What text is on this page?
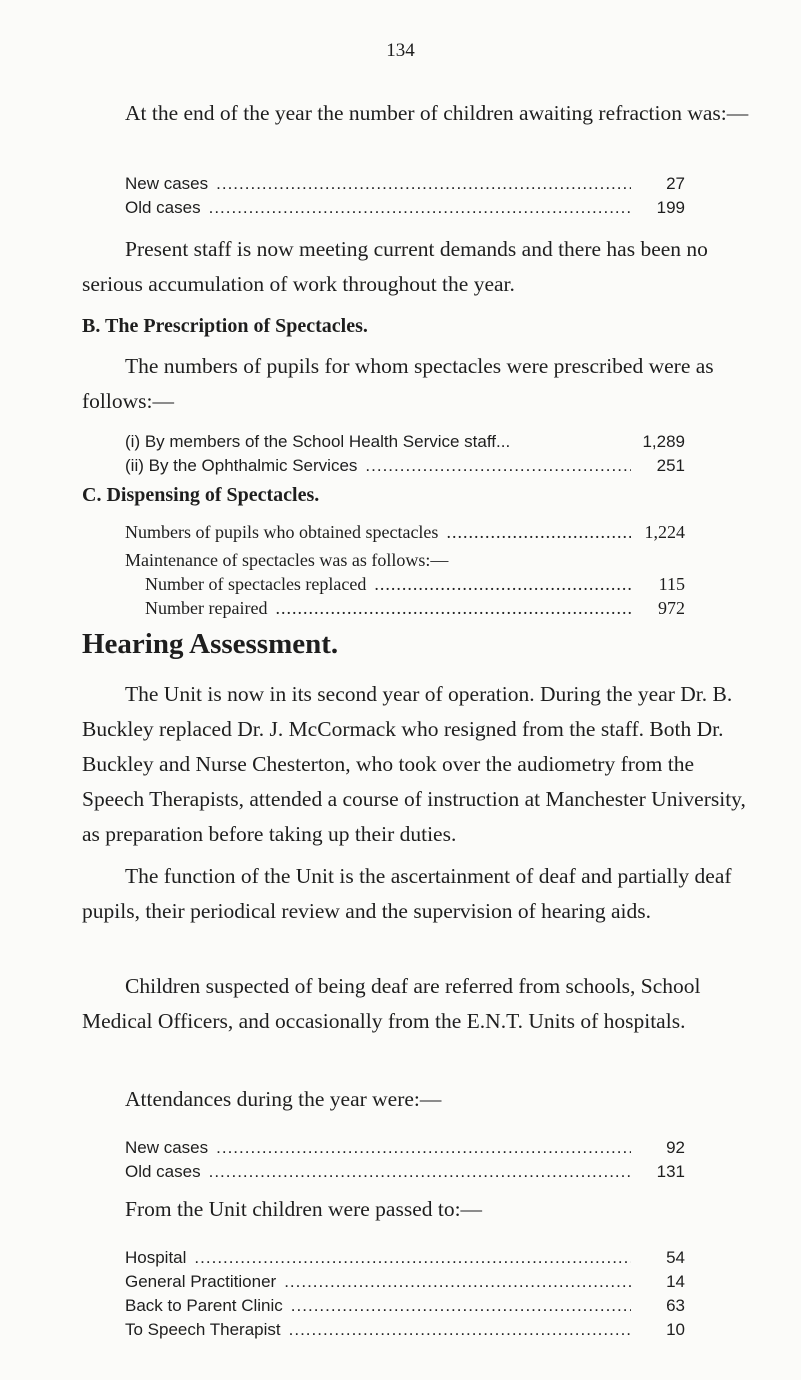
134

At the end of the year the number of children awaiting refraction was:—

New cases .....	27
Old cases .....	199

Present staff is now meeting current demands and there has been no serious accumulation of work throughout the year.

B. The Prescription of Spectacles.

The numbers of pupils for whom spectacles were prescribed were as follows:—

(i) By members of the School Health Service staff...	1,289
(ii) By the Ophthalmic Services .....	251
C. Dispensing of Spectacles.
Numbers of pupils who obtained spectacles .....	1,224
Maintenance of spectacles was as follows:—
Number of spectacles replaced .....	115
Number repaired .....	972
Hearing Assessment.

The Unit is now in its second year of operation. During the year Dr. B. Buckley replaced Dr. J. McCormack who resigned from the staff. Both Dr. Buckley and Nurse Chesterton, who took over the audiometry from the Speech Therapists, attended a course of instruction at Manchester University, as preparation before taking up their duties.

The function of the Unit is the ascertainment of deaf and partially deaf pupils, their periodical review and the supervision of hearing aids.

Children suspected of being deaf are referred from schools, School Medical Officers, and occasionally from the E.N.T. Units of hospitals.

Attendances during the year were:—

New cases .....	92
Old cases .....	131

From the Unit children were passed to:—

Hospital .....	54
General Practitioner .....	14
Back to Parent Clinic .....	63
To Speech Therapist .....	10
